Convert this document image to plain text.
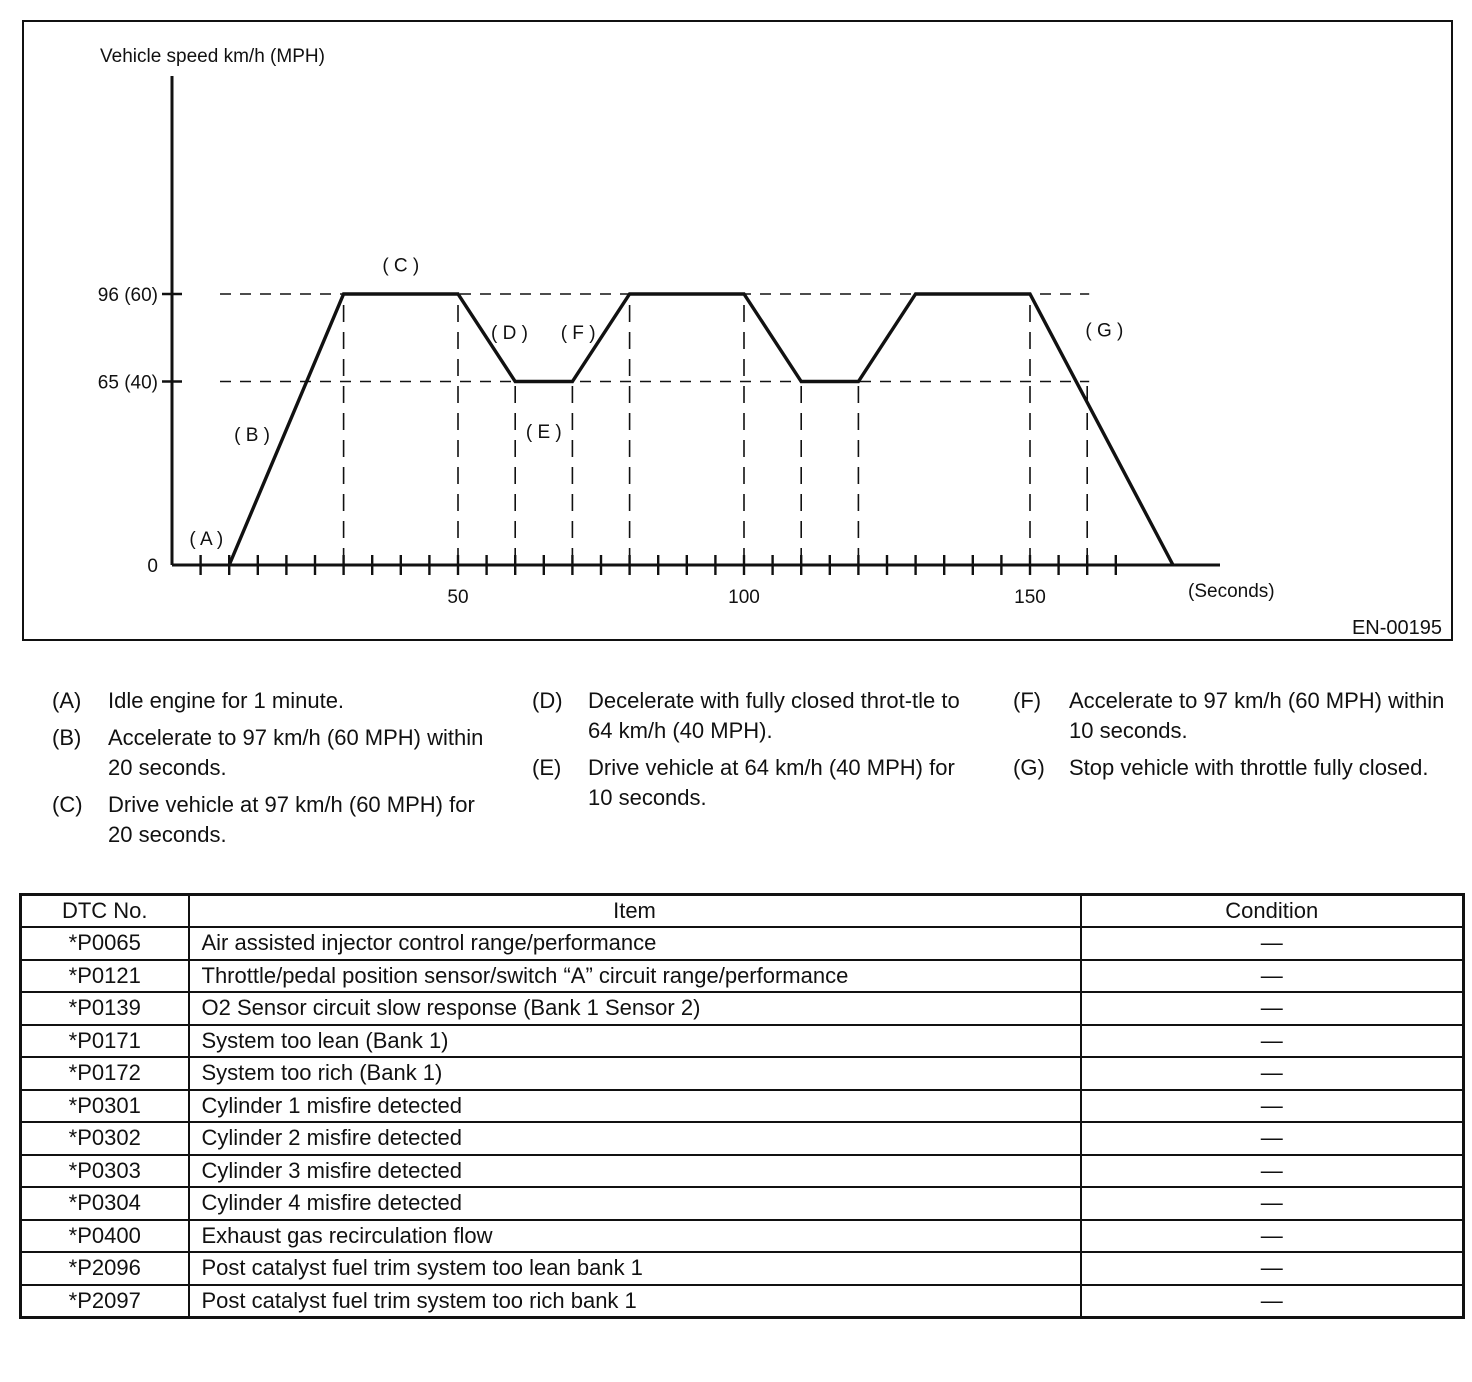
50	100	150
0
65 (40)
96 (60)
Vehicle speed km/h (MPH)
(Seconds)
EN-00195
( A )
( B )
( C )
( D ) ( F )
( E )
( G )
(A)	Idle engine for 1 minute.
(B)	Accelerate to 97 km/h (60 MPH) within 20 seconds.
(C)	Drive vehicle at 97 km/h (60 MPH) for 20 seconds.
(D)	Decelerate with fully closed throt-tle to 64 km/h (40 MPH).
(E)	Drive vehicle at 64 km/h (40 MPH) for 10 seconds.
(F)	Accelerate to 97 km/h (60 MPH) within 10 seconds.
(G)	Stop vehicle with throttle fully closed.
DTC No.	Item	Condition
*P0065	Air assisted injector control range/performance	—
*P0121	Throttle/pedal position sensor/switch “A” circuit range/performance	—
*P0139	O2 Sensor circuit slow response (Bank 1 Sensor 2)	—
*P0171	System too lean (Bank 1)	—
*P0172	System too rich (Bank 1)	—
*P0301	Cylinder 1 misfire detected	—
*P0302	Cylinder 2 misfire detected	—
*P0303	Cylinder 3 misfire detected	—
*P0304	Cylinder 4 misfire detected	—
*P0400	Exhaust gas recirculation flow	—
*P2096	Post catalyst fuel trim system too lean bank 1	—
*P2097	Post catalyst fuel trim system too rich bank 1	—
